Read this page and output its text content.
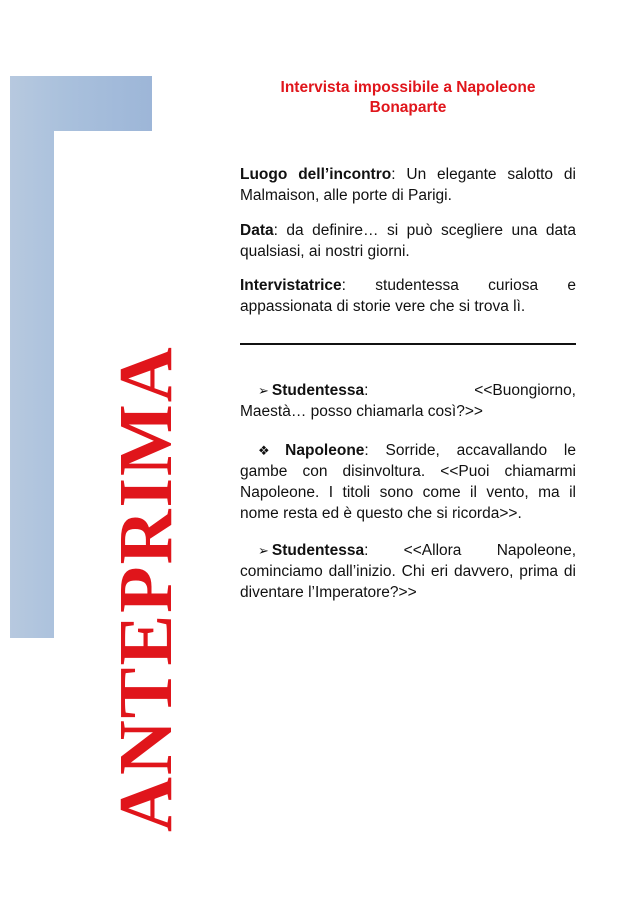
ANTEPRIMA
Intervista impossibile a Napoleone
Bonaparte
Luogo dell’incontro: Un elegante salotto di Malmaison, alle porte di Parigi.
Data: da definire… si può scegliere una data qualsiasi, ai nostri giorni.
Intervistatrice: studentessa curiosa e appassionata di storie vere che si trova lì.
➢ Studentessa:	<<Buongiorno,
Maestà… posso chiamarla così?>>
❖ Napoleone: Sorride, accavallando le gambe con disinvoltura. <<Puoi chiamarmi Napoleone. I titoli sono come il vento, ma il nome resta ed è questo che si ricorda>>.
➢ Studentessa: <<Allora Napoleone, cominciamo dall’inizio. Chi eri davvero, prima di diventare l’Imperatore?>>
